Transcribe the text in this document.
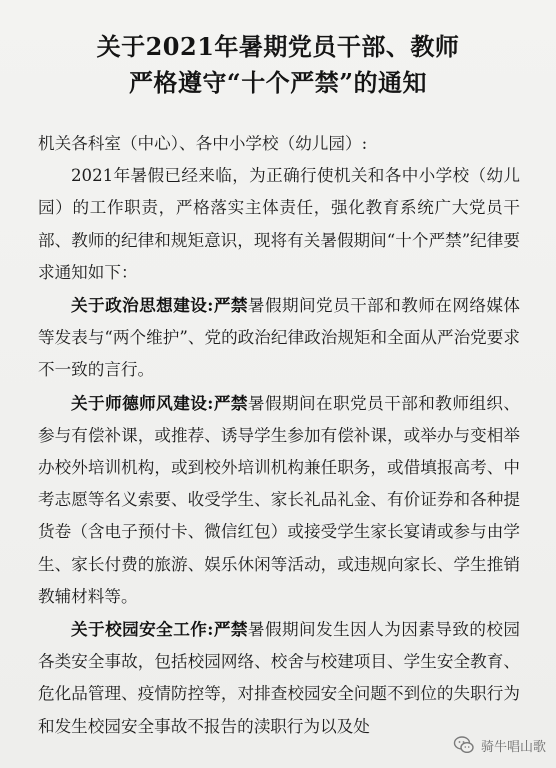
关于2021年暑期党员干部、教师
严格遵守“十个严禁”的通知

机关各科室（中心）、各中小学校（幼儿园）:

2021年暑假已经来临，为正确行使机关和各中小学校（幼儿园）的工作职责，严格落实主体责任，强化教育系统广大党员干部、教师的纪律和规矩意识，现将有关暑假期间“十个严禁”纪律要求通知如下：

关于政治思想建设:严禁暑假期间党员干部和教师在网络媒体等发表与“两个维护”、党的政治纪律政治规矩和全面从严治党要求不一致的言行。

关于师德师风建设:严禁暑假期间在职党员干部和教师组织、参与有偿补课，或推荐、诱导学生参加有偿补课，或举办与变相举办校外培训机构，或到校外培训机构兼任职务，或借填报高考、中考志愿等名义索要、收受学生、家长礼品礼金、有价证券和各种提货卷（含电子预付卡、微信红包）或接受学生家长宴请或参与由学生、家长付费的旅游、娱乐休闲等活动，或违规向家长、学生推销教辅材料等。

关于校园安全工作:严禁暑假期间发生因人为因素导致的校园各类安全事故，包括校园网络、校舍与校建项目、学生安全教育、危化品管理、疫情防控等，对排查校园安全问题不到位的失职行为和发生校园安全事故不报告的渎职行为以及处

骑牛唱山歌
